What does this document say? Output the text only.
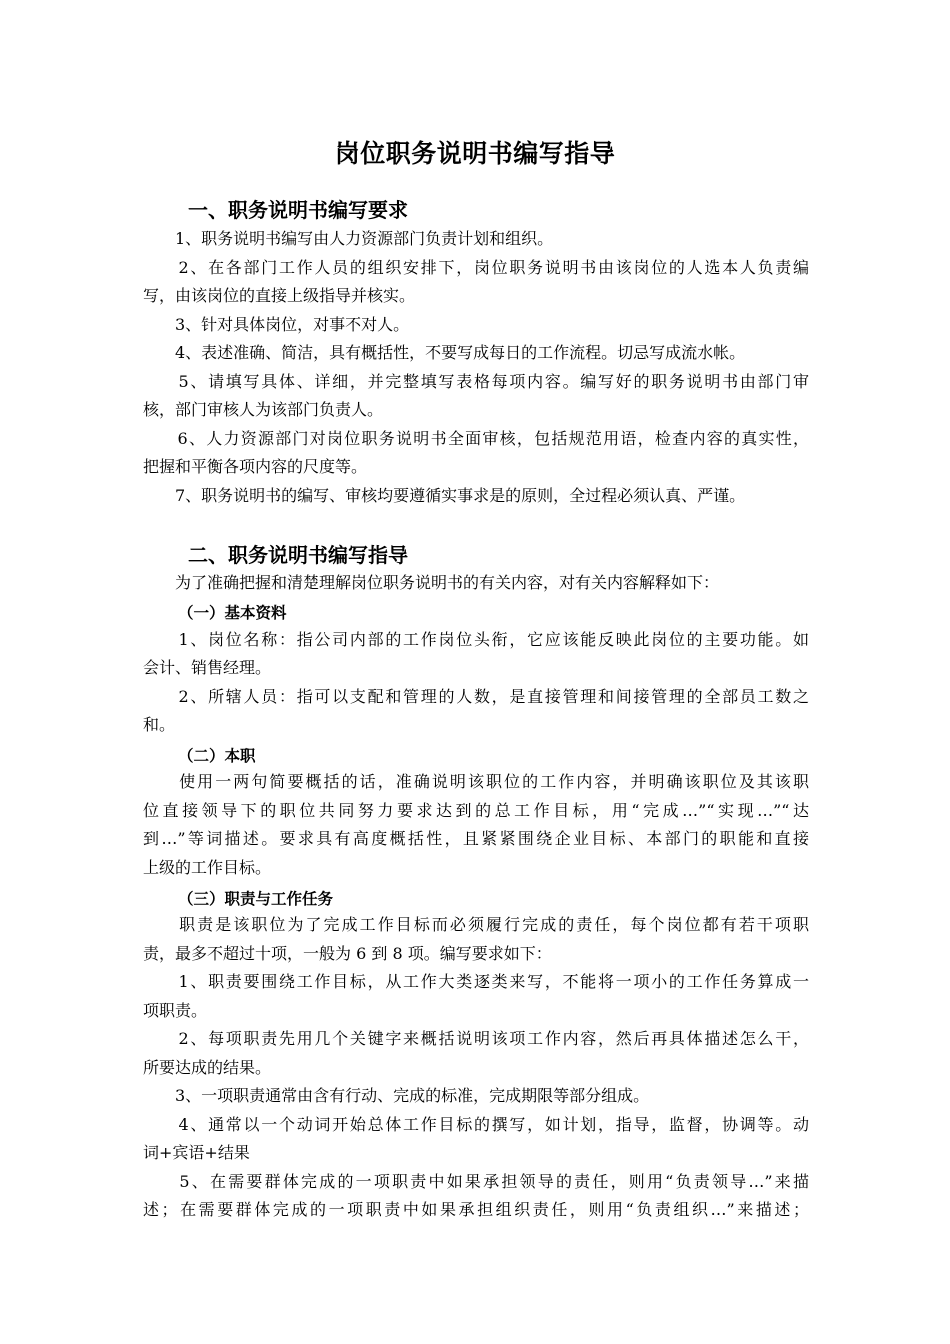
岗位职务说明书编写指导
一、职务说明书编写要求
　　1、职务说明书编写由人力资源部门负责计划和组织。
　　2、在各部门工作人员的组织安排下，岗位职务说明书由该岗位的人选本人负责编
写，由该岗位的直接上级指导并核实。
　　3、针对具体岗位，对事不对人。
　　4、表述准确、简洁，具有概括性，不要写成每日的工作流程。切忌写成流水帐。
　　5、请填写具体、详细，并完整填写表格每项内容。编写好的职务说明书由部门审
核，部门审核人为该部门负责人。
　　6、人力资源部门对岗位职务说明书全面审核，包括规范用语，检查内容的真实性，
把握和平衡各项内容的尺度等。
　　7、职务说明书的编写、审核均要遵循实事求是的原则，全过程必须认真、严谨。
二、职务说明书编写指导
　　为了准确把握和清楚理解岗位职务说明书的有关内容，对有关内容解释如下：
（一）基本资料
　　1、岗位名称：指公司内部的工作岗位头衔，它应该能反映此岗位的主要功能。如
会计、销售经理。
　　2、所辖人员：指可以支配和管理的人数，是直接管理和间接管理的全部员工数之
和。
（二）本职
　　使用一两句简要概括的话，准确说明该职位的工作内容，并明确该职位及其该职
位直接领导下的职位共同努力要求达到的总工作目标，用“完成…”“实现…”“达
到…”等词描述。要求具有高度概括性，且紧紧围绕企业目标、本部门的职能和直接
上级的工作目标。
（三）职责与工作任务
　　职责是该职位为了完成工作目标而必须履行完成的责任，每个岗位都有若干项职
责，最多不超过十项，一般为 6 到 8 项。编写要求如下：
　　1、职责要围绕工作目标，从工作大类逐类来写，不能将一项小的工作任务算成一
项职责。
　　2、每项职责先用几个关键字来概括说明该项工作内容，然后再具体描述怎么干，
所要达成的结果。
　　3、一项职责通常由含有行动、完成的标准，完成期限等部分组成。
　　4、通常以一个动词开始总体工作目标的撰写，如计划，指导，监督，协调等。动
词+宾语+结果
　　5、在需要群体完成的一项职责中如果承担领导的责任，则用“负责领导…”来描
述；在需要群体完成的一项职责中如果承担组织责任，则用“负责组织…”来描述；
